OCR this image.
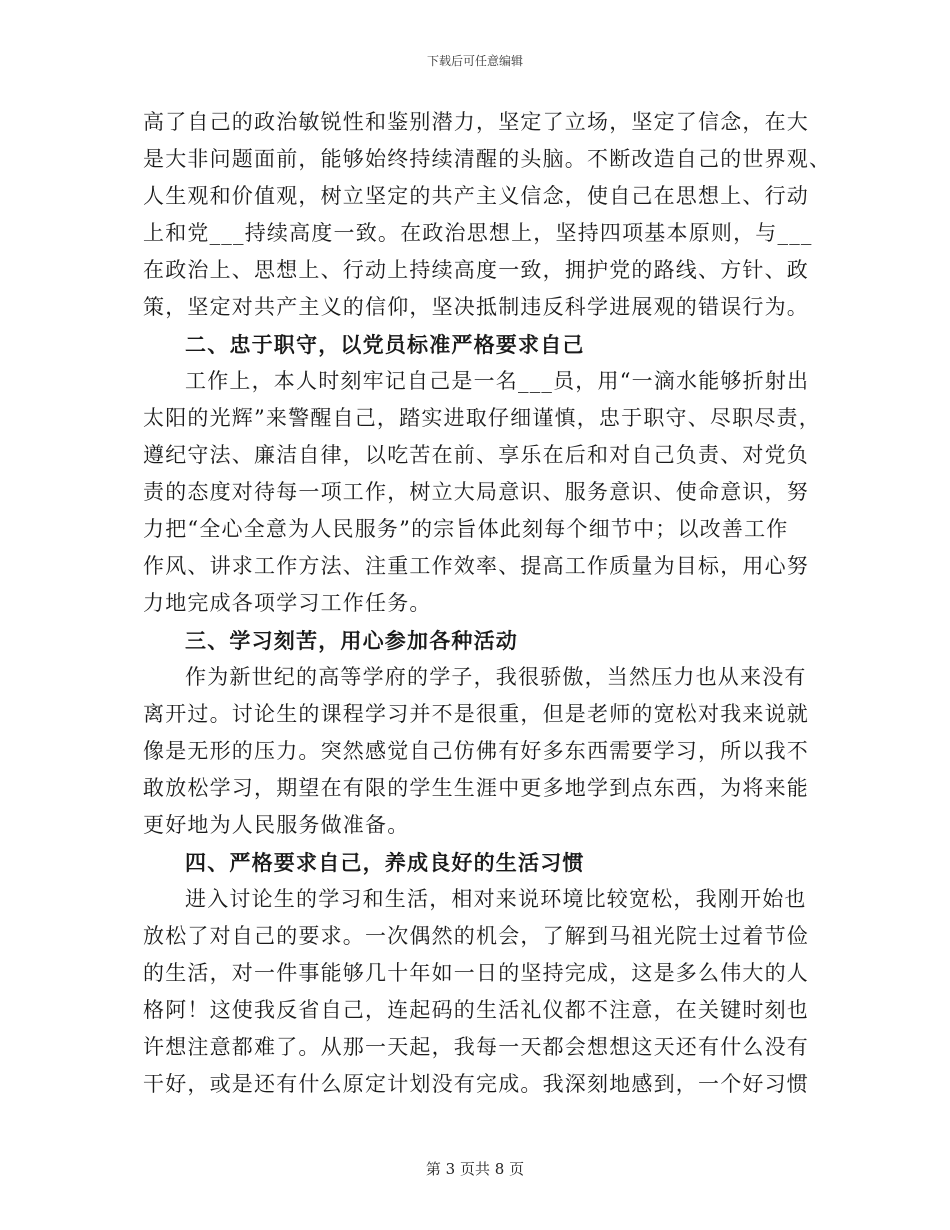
下载后可任意编辑
高了自己的政治敏锐性和鉴别潜力，坚定了立场，坚定了信念，在大
是大非问题面前，能够始终持续清醒的头脑。不断改造自己的世界观、
人生观和价值观，树立坚定的共产主义信念，使自己在思想上、行动
上和党___持续高度一致。在政治思想上，坚持四项基本原则，与___
在政治上、思想上、行动上持续高度一致，拥护党的路线、方针、政
策，坚定对共产主义的信仰，坚决抵制违反科学进展观的错误行为。
二、忠于职守，以党员标准严格要求自己
工作上，本人时刻牢记自己是一名___员，用“一滴水能够折射出
太阳的光辉”来警醒自己，踏实进取仔细谨慎，忠于职守、尽职尽责，
遵纪守法、廉洁自律，以吃苦在前、享乐在后和对自己负责、对党负
责的态度对待每一项工作，树立大局意识、服务意识、使命意识，努
力把“全心全意为人民服务”的宗旨体此刻每个细节中；以改善工作
作风、讲求工作方法、注重工作效率、提高工作质量为目标，用心努
力地完成各项学习工作任务。
三、学习刻苦，用心参加各种活动
作为新世纪的高等学府的学子，我很骄傲，当然压力也从来没有
离开过。讨论生的课程学习并不是很重，但是老师的宽松对我来说就
像是无形的压力。突然感觉自己仿佛有好多东西需要学习，所以我不
敢放松学习，期望在有限的学生生涯中更多地学到点东西，为将来能
更好地为人民服务做准备。
四、严格要求自己，养成良好的生活习惯
进入讨论生的学习和生活，相对来说环境比较宽松，我刚开始也
放松了对自己的要求。一次偶然的机会，了解到马祖光院士过着节俭
的生活，对一件事能够几十年如一日的坚持完成，这是多么伟大的人
格阿！这使我反省自己，连起码的生活礼仪都不注意，在关键时刻也
许想注意都难了。从那一天起，我每一天都会想想这天还有什么没有
干好，或是还有什么原定计划没有完成。我深刻地感到，一个好习惯
第 3 页共 8 页
